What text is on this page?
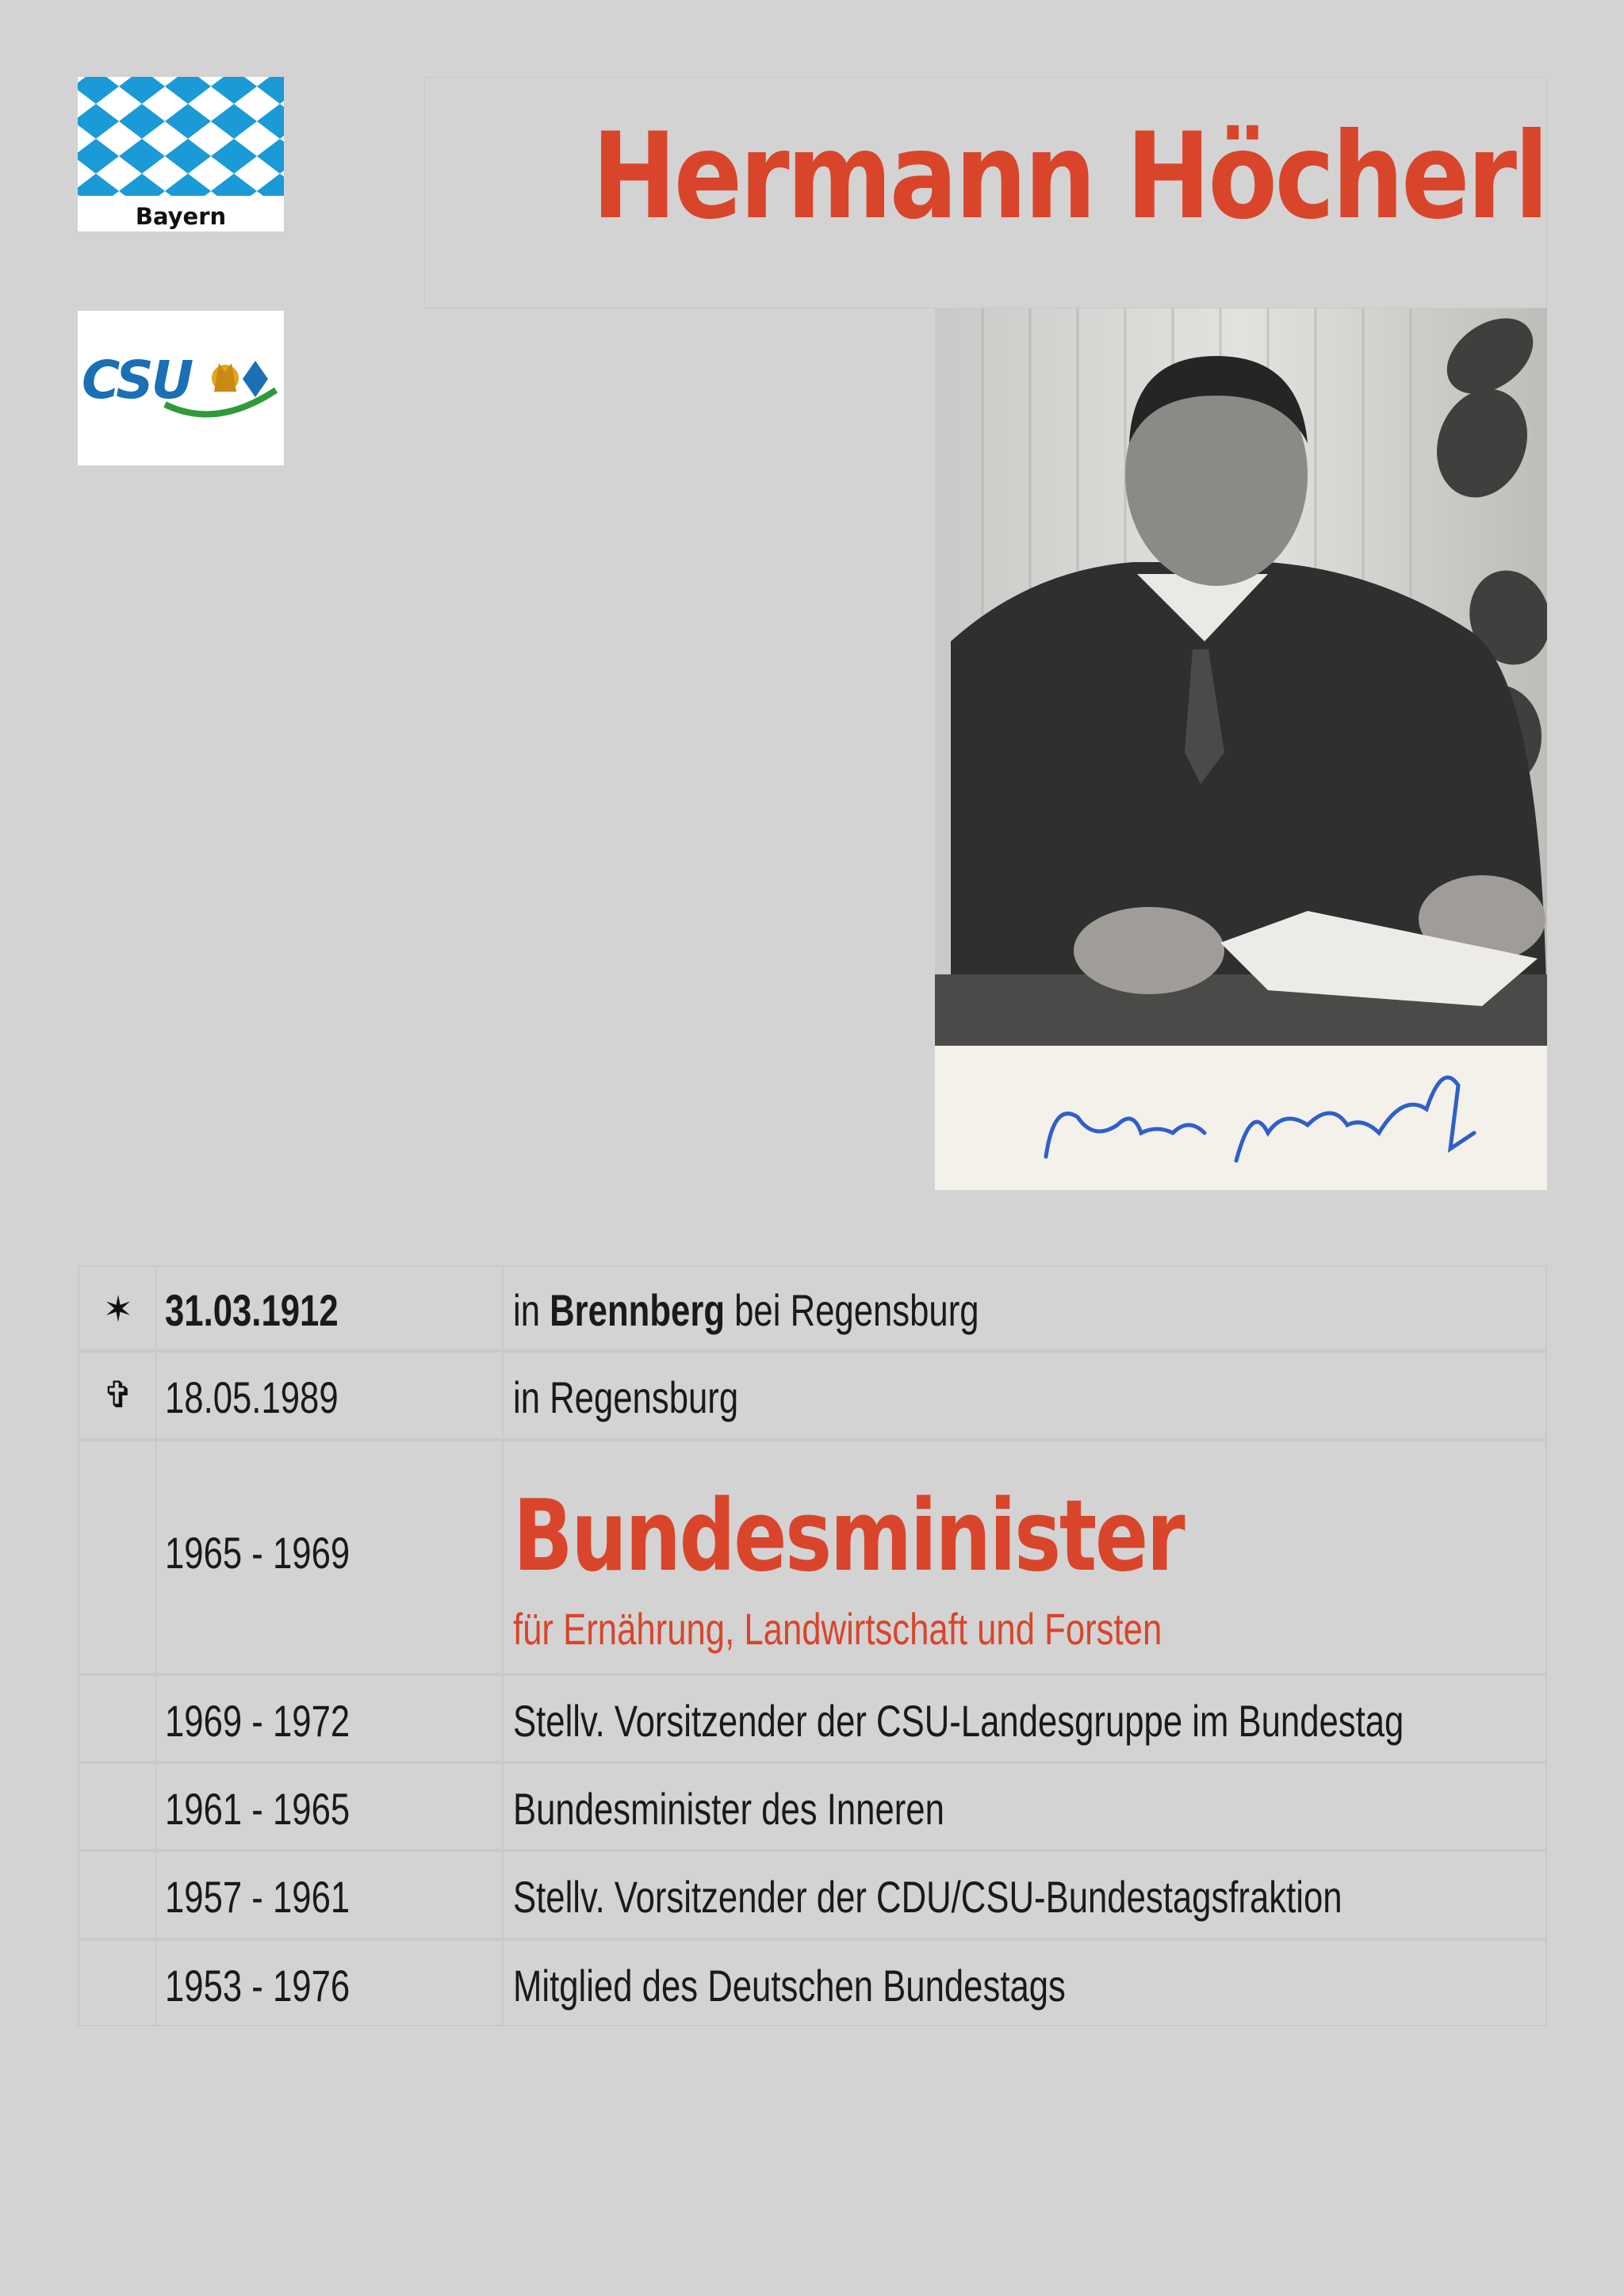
Bayern
CSU
Hermann Höcherl
✶ 31.03.1912	in Brennberg bei Regensburg
✞ 18.05.1989	in Regensburg
1965 - 1969 Bundesminister
für Ernährung, Landwirtschaft und Forsten
1969 - 1972	Stellv. Vorsitzender der CSU-Landesgruppe im Bundestag
1961 - 1965	Bundesminister des Inneren
1957 - 1961	Stellv. Vorsitzender der CDU/CSU-Bundestagsfraktion
1953 - 1976	Mitglied des Deutschen Bundestags
